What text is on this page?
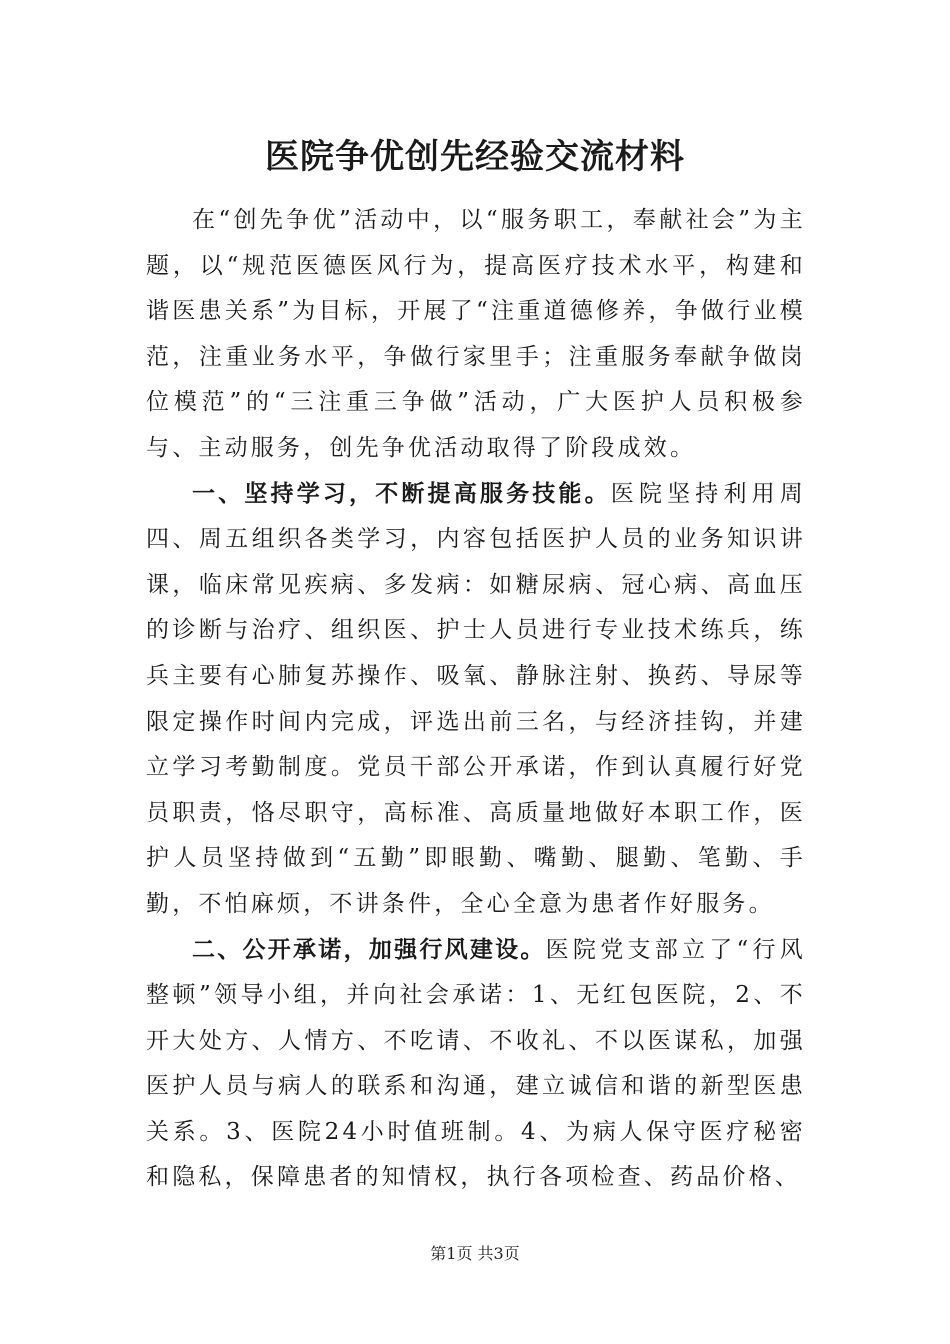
医院争优创先经验交流材料

在“创先争优”活动中，以“服务职工，奉献社会”为主题，以“规范医德医风行为，提高医疗技术水平，构建和谐医患关系”为目标，开展了“注重道德修养，争做行业模范，注重业务水平，争做行家里手；注重服务奉献争做岗位模范”的“三注重三争做”活动，广大医护人员积极参与、主动服务，创先争优活动取得了阶段成效。

一、坚持学习，不断提高服务技能。医院坚持利用周四、周五组织各类学习，内容包括医护人员的业务知识讲课，临床常见疾病、多发病：如糖尿病、冠心病、高血压的诊断与治疗、组织医、护士人员进行专业技术练兵，练兵主要有心肺复苏操作、吸氧、静脉注射、换药、导尿等限定操作时间内完成，评选出前三名，与经济挂钩，并建立学习考勤制度。党员干部公开承诺，作到认真履行好党员职责，恪尽职守，高标准、高质量地做好本职工作，医护人员坚持做到“五勤”即眼勤、嘴勤、腿勤、笔勤、手勤，不怕麻烦，不讲条件，全心全意为患者作好服务。

二、公开承诺，加强行风建设。医院党支部立了“行风整顿”领导小组，并向社会承诺：1、无红包医院，2、不开大处方、人情方、不吃请、不收礼、不以医谋私，加强医护人员与病人的联系和沟通，建立诚信和谐的新型医患关系。3、医院24小时值班制。4、为病人保守医疗秘密和隐私，保障患者的知情权，执行各项检查、药品价格、

第1页 共3页
